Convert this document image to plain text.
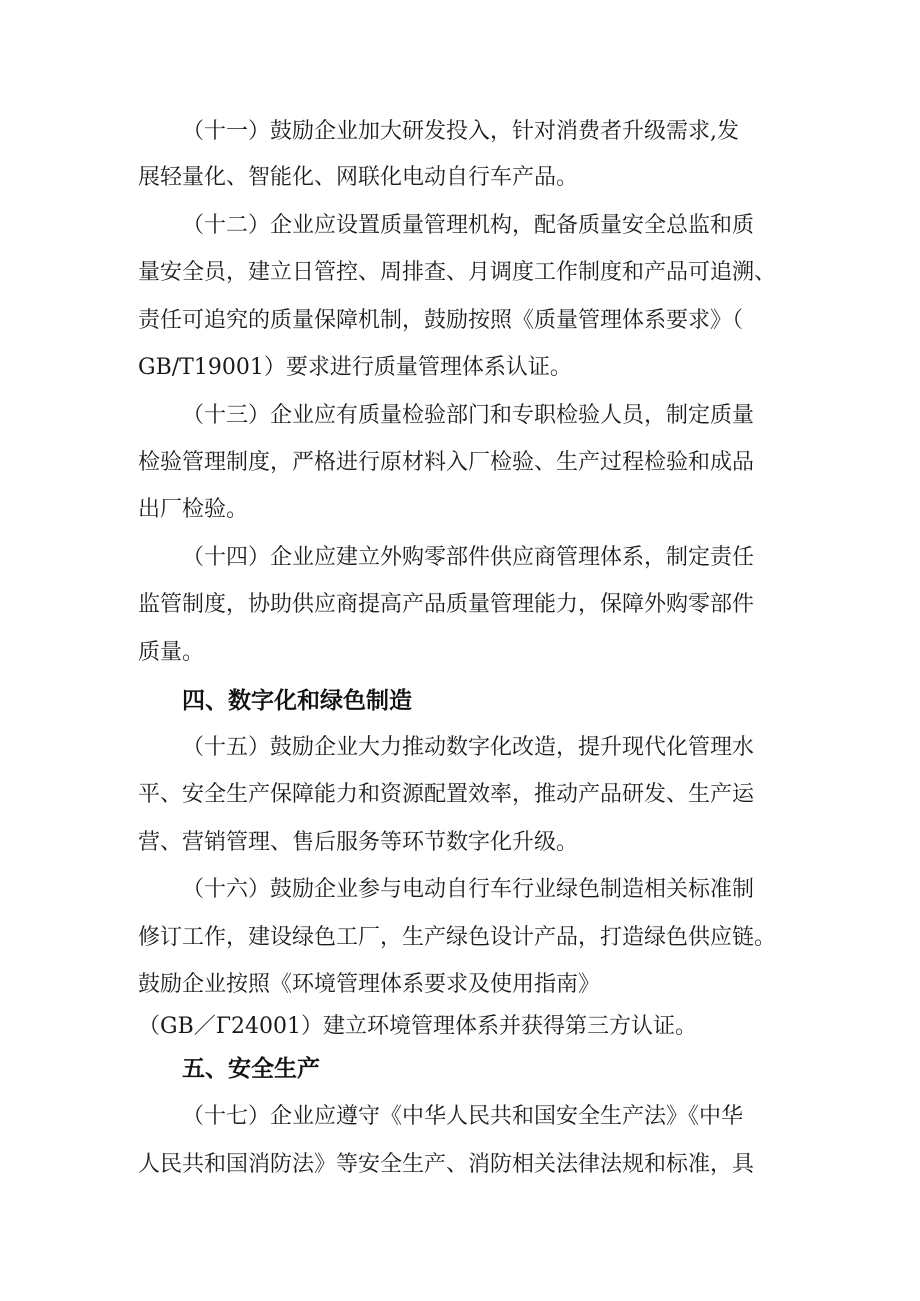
（十一）鼓励企业加大研发投入，针对消费者升级需求,发
展轻量化、智能化、网联化电动自行车产品。
（十二）企业应设置质量管理机构，配备质量安全总监和质
量安全员，建立日管控、周排查、月调度工作制度和产品可追溯、
责任可追究的质量保障机制，鼓励按照《质量管理体系要求》（
GB/T19001）要求进行质量管理体系认证。
（十三）企业应有质量检验部门和专职检验人员，制定质量
检验管理制度，严格进行原材料入厂检验、生产过程检验和成品
出厂检验。
（十四）企业应建立外购零部件供应商管理体系，制定责任
监管制度，协助供应商提高产品质量管理能力，保障外购零部件
质量。
四、数字化和绿色制造
（十五）鼓励企业大力推动数字化改造，提升现代化管理水
平、安全生产保障能力和资源配置效率，推动产品研发、生产运
营、营销管理、售后服务等环节数字化升级。
（十六）鼓励企业参与电动自行车行业绿色制造相关标准制
修订工作，建设绿色工厂，生产绿色设计产品，打造绿色供应链。
鼓励企业按照《环境管理体系要求及使用指南》
（GB／Γ24001）建立环境管理体系并获得第三方认证。
五、安全生产
（十七）企业应遵守《中华人民共和国安全生产法》《中华
人民共和国消防法》等安全生产、消防相关法律法规和标准，具
